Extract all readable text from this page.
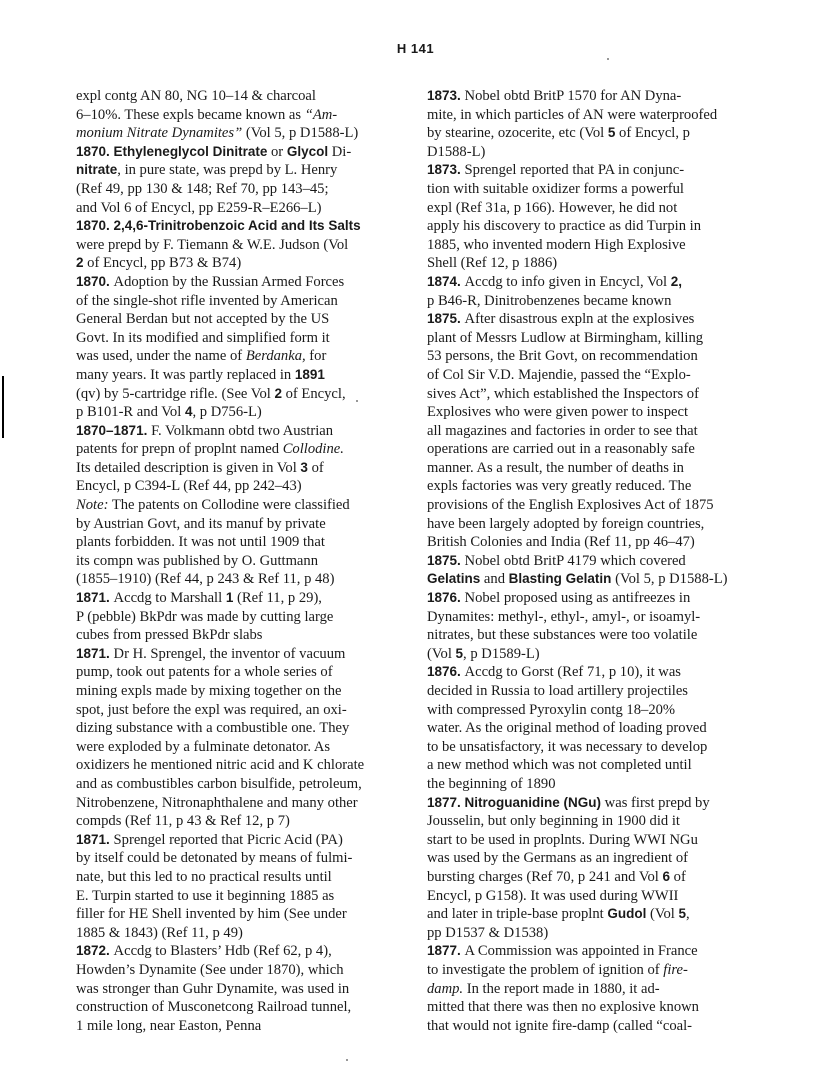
H 141
expl contg AN 80, NG 10–14 & charcoal
6–10%. These expls became known as “Am-
monium Nitrate Dynamites” (Vol 5, p D1588-L)
1870. Ethyleneglycol Dinitrate or Glycol Di-
nitrate, in pure state, was prepd by L. Henry
(Ref 49, pp 130 & 148; Ref 70, pp 143–45;
and Vol 6 of Encycl, pp E259-R–E266–L)
1870. 2,4,6-Trinitrobenzoic Acid and Its Salts
were prepd by F. Tiemann & W.E. Judson (Vol
2 of Encycl, pp B73 & B74)
1870. Adoption by the Russian Armed Forces
of the single-shot rifle invented by American
General Berdan but not accepted by the US
Govt. In its modified and simplified form it
was used, under the name of Berdanka, for
many years. It was partly replaced in 1891
(qv) by 5-cartridge rifle. (See Vol 2 of Encycl,
p B101-R and Vol 4, p D756-L)
1870–1871. F. Volkmann obtd two Austrian
patents for prepn of proplnt named Collodine.
Its detailed description is given in Vol 3 of
Encycl, p C394-L (Ref 44, pp 242–43)
Note: The patents on Collodine were classified
by Austrian Govt, and its manuf by private
plants forbidden. It was not until 1909 that
its compn was published by O. Guttmann
(1855–1910) (Ref 44, p 243 & Ref 11, p 48)
1871. Accdg to Marshall 1 (Ref 11, p 29),
P (pebble) BkPdr was made by cutting large
cubes from pressed BkPdr slabs
1871. Dr H. Sprengel, the inventor of vacuum
pump, took out patents for a whole series of
mining expls made by mixing together on the
spot, just before the expl was required, an oxi-
dizing substance with a combustible one. They
were exploded by a fulminate detonator. As
oxidizers he mentioned nitric acid and K chlorate
and as combustibles carbon bisulfide, petroleum,
Nitrobenzene, Nitronaphthalene and many other
compds (Ref 11, p 43 & Ref 12, p 7)
1871. Sprengel reported that Picric Acid (PA)
by itself could be detonated by means of fulmi-
nate, but this led to no practical results until
E. Turpin started to use it beginning 1885 as
filler for HE Shell invented by him (See under
1885 & 1843) (Ref 11, p 49)
1872. Accdg to Blasters’ Hdb (Ref 62, p 4),
Howden’s Dynamite (See under 1870), which
was stronger than Guhr Dynamite, was used in
construction of Musconetcong Railroad tunnel,
1 mile long, near Easton, Penna
1873. Nobel obtd BritP 1570 for AN Dyna-
mite, in which particles of AN were waterproofed
by stearine, ozocerite, etc (Vol 5 of Encycl, p
D1588-L)
1873. Sprengel reported that PA in conjunc-
tion with suitable oxidizer forms a powerful
expl (Ref 31a, p 166). However, he did not
apply his discovery to practice as did Turpin in
1885, who invented modern High Explosive
Shell (Ref 12, p 1886)
1874. Accdg to info given in Encycl, Vol 2,
p B46-R, Dinitrobenzenes became known
1875. After disastrous expln at the explosives
plant of Messrs Ludlow at Birmingham, killing
53 persons, the Brit Govt, on recommendation
of Col Sir V.D. Majendie, passed the “Explo-
sives Act”, which established the Inspectors of
Explosives who were given power to inspect
all magazines and factories in order to see that
operations are carried out in a reasonably safe
manner. As a result, the number of deaths in
expls factories was very greatly reduced. The
provisions of the English Explosives Act of 1875
have been largely adopted by foreign countries,
British Colonies and India (Ref 11, pp 46–47)
1875. Nobel obtd BritP 4179 which covered
Gelatins and Blasting Gelatin (Vol 5, p D1588-L)
1876. Nobel proposed using as antifreezes in
Dynamites: methyl-, ethyl-, amyl-, or isoamyl-
nitrates, but these substances were too volatile
(Vol 5, p D1589-L)
1876. Accdg to Gorst (Ref 71, p 10), it was
decided in Russia to load artillery projectiles
with compressed Pyroxylin contg 18–20%
water. As the original method of loading proved
to be unsatisfactory, it was necessary to develop
a new method which was not completed until
the beginning of 1890
1877. Nitroguanidine (NGu) was first prepd by
Jousselin, but only beginning in 1900 did it
start to be used in proplnts. During WWI NGu
was used by the Germans as an ingredient of
bursting charges (Ref 70, p 241 and Vol 6 of
Encycl, p G158). It was used during WWII
and later in triple-base proplnt Gudol (Vol 5,
pp D1537 & D1538)
1877. A Commission was appointed in France
to investigate the problem of ignition of fire-
damp. In the report made in 1880, it ad-
mitted that there was then no explosive known
that would not ignite fire-damp (called “coal-
